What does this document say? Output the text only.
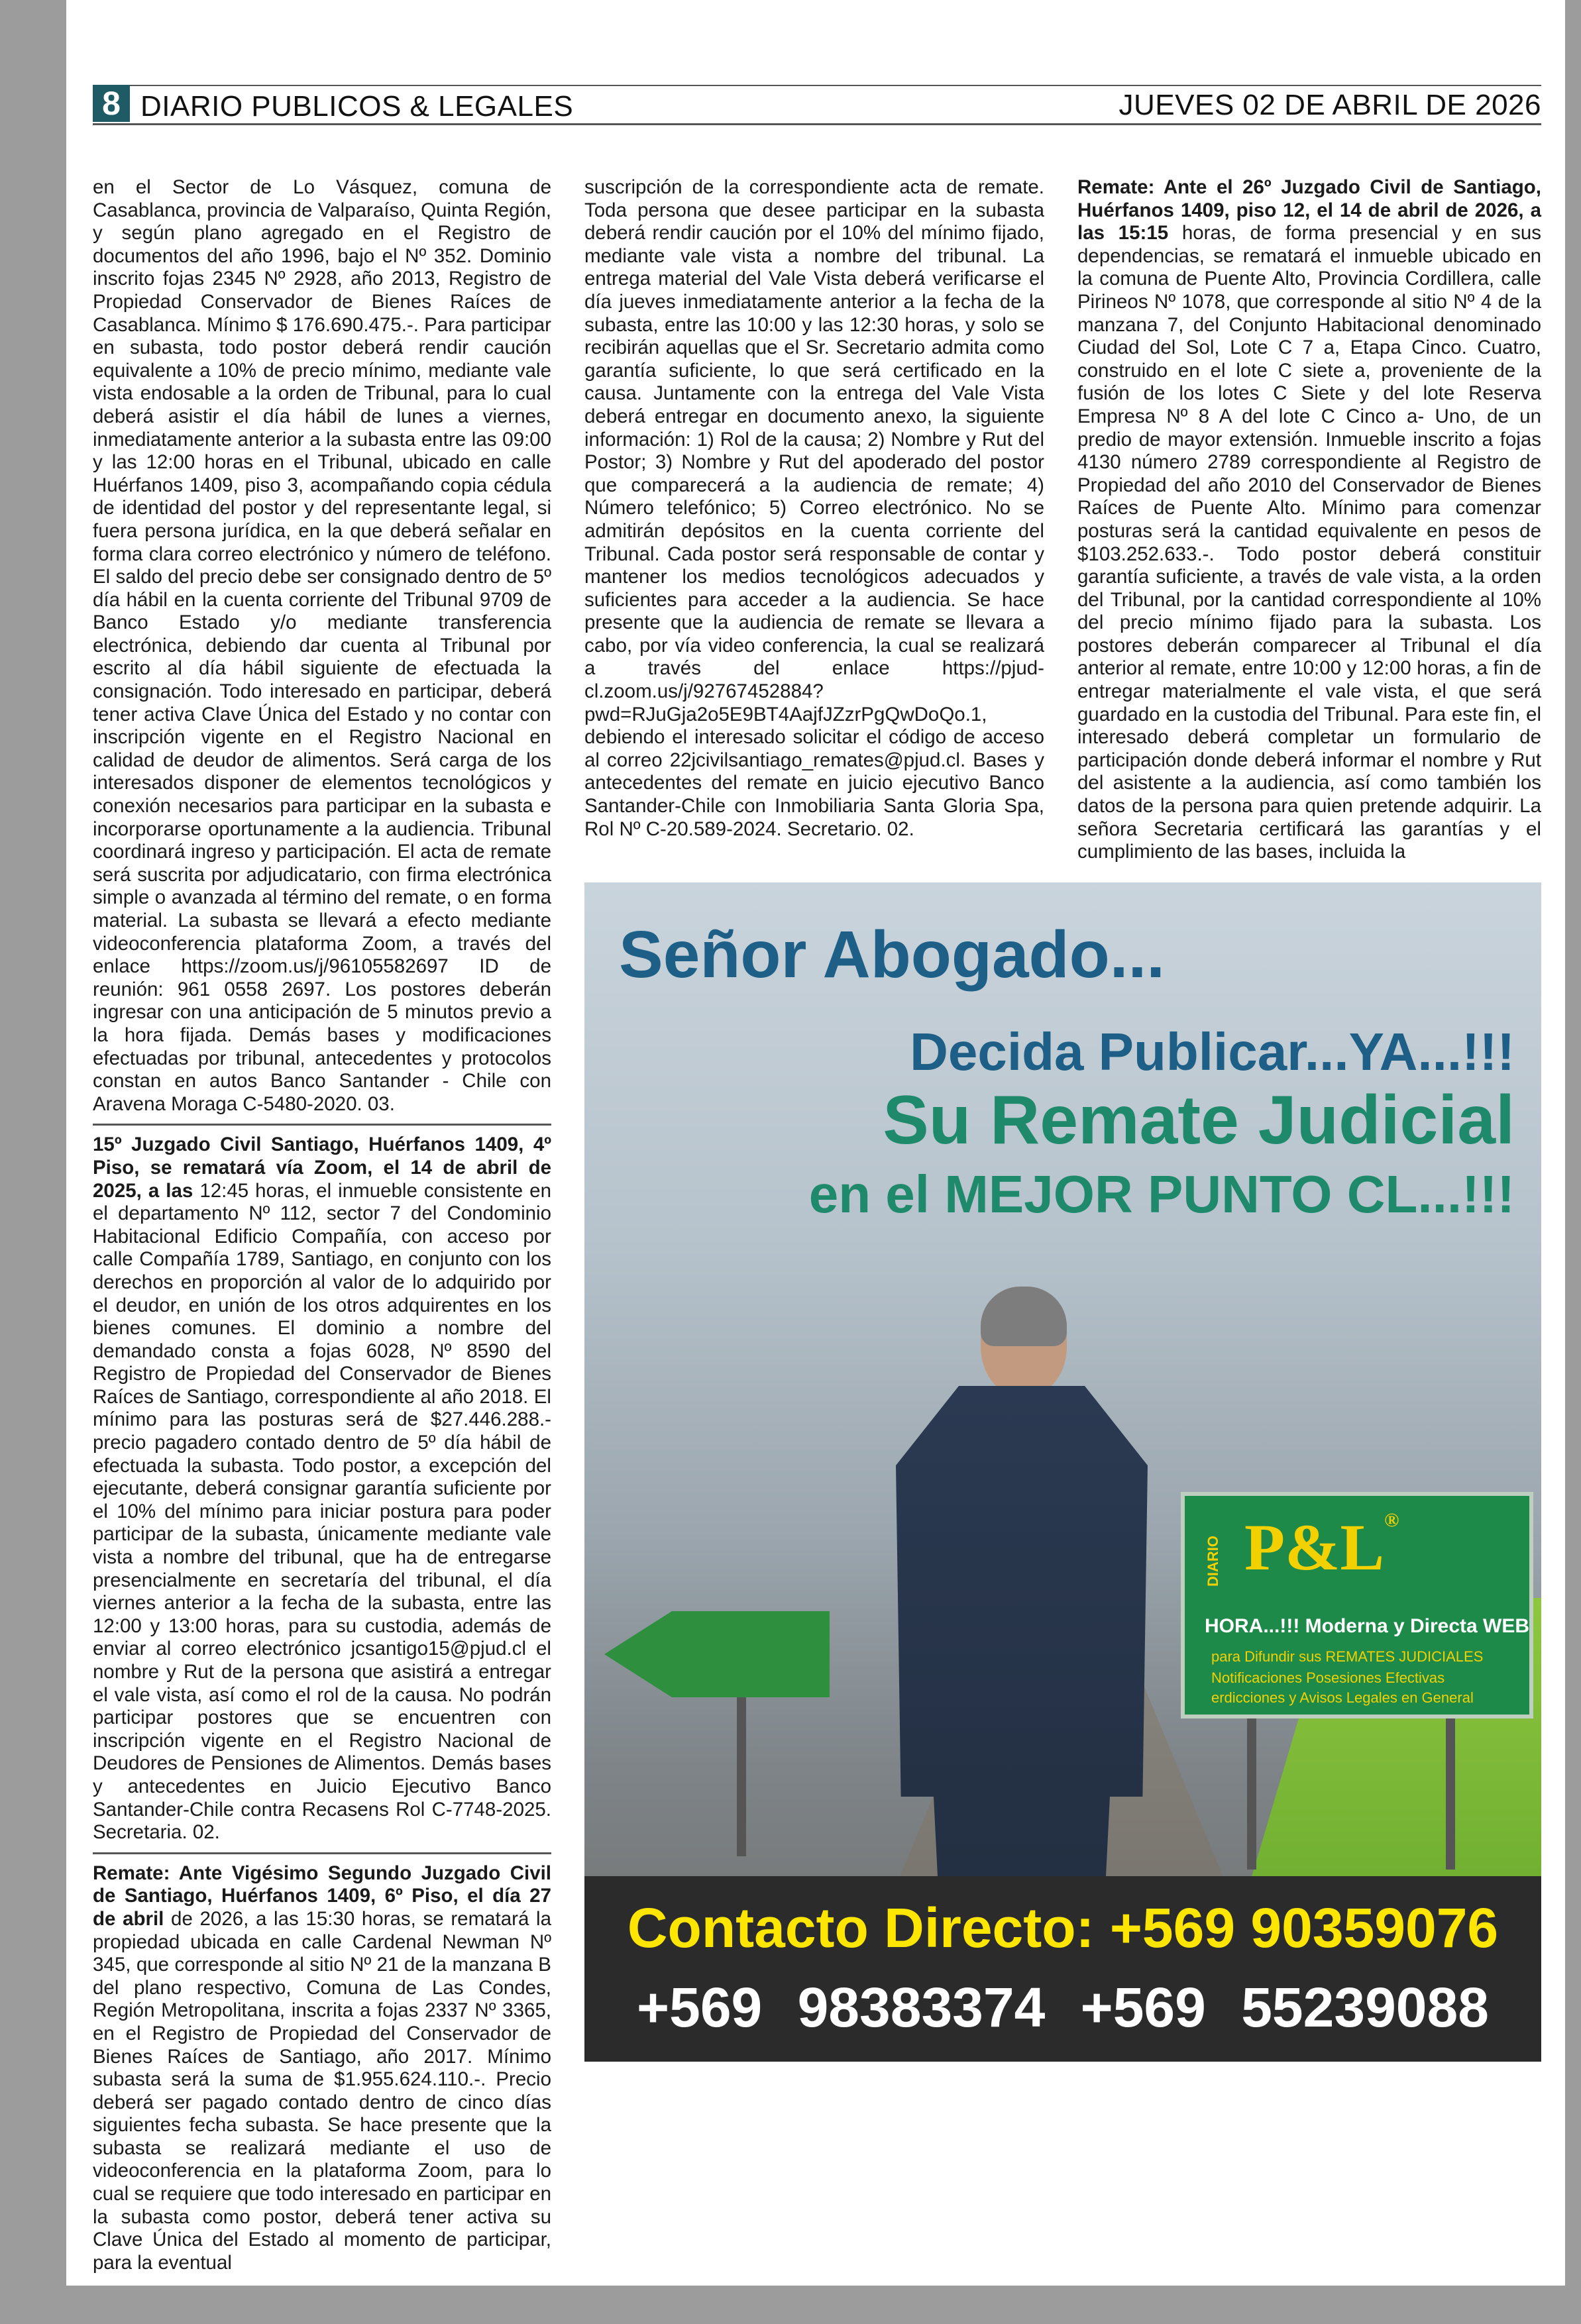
8 DIARIO PUBLICOS & LEGALES	JUEVES 02 DE ABRIL DE 2026

en el Sector de Lo Vásquez, comuna de Casablanca, provincia de Valparaíso, Quinta Región, y según plano agregado en el Registro de documentos del año 1996, bajo el Nº 352. Dominio inscrito fojas 2345 Nº 2928, año 2013, Registro de Propiedad Conservador de Bienes Raíces de Casablanca. Mínimo $ 176.690.475.-. Para participar en subasta, todo postor deberá rendir caución equivalente a 10% de precio mínimo, mediante vale vista endosable a la orden de Tribunal, para lo cual deberá asistir el día hábil de lunes a viernes, inmediatamente anterior a la subasta entre las 09:00 y las 12:00 horas en el Tribunal, ubicado en calle Huérfanos 1409, piso 3, acompañando copia cédula de identidad del postor y del representante legal, si fuera persona jurídica, en la que deberá señalar en forma clara correo electrónico y número de teléfono. El saldo del precio debe ser consignado dentro de 5º día hábil en la cuenta corriente del Tribunal 9709 de Banco Estado y/o mediante transferencia electrónica, debiendo dar cuenta al Tribunal por escrito al día hábil siguiente de efectuada la consignación. Todo interesado en participar, deberá tener activa Clave Única del Estado y no contar con inscripción vigente en el Registro Nacional en calidad de deudor de alimentos. Será carga de los interesados disponer de elementos tecnológicos y conexión necesarios para participar en la subasta e incorporarse oportunamente a la audiencia. Tribunal coordinará ingreso y participación. El acta de remate será suscrita por adjudicatario, con firma electrónica simple o avanzada al término del remate, o en forma material. La subasta se llevará a efecto mediante videoconferencia plataforma Zoom, a través del enlace https://zoom.us/j/96105582697 ID de reunión: 961 0558 2697. Los postores deberán ingresar con una anticipación de 5 minutos previo a la hora fijada. Demás bases y modificaciones efectuadas por tribunal, antecedentes y protocolos constan en autos Banco Santander - Chile con Aravena Moraga C-5480-2020. 03.

15º Juzgado Civil Santiago, Huérfanos 1409, 4º Piso, se rematará vía Zoom, el 14 de abril de 2025, a las 12:45 horas, el inmueble consistente en el departamento Nº 112, sector 7 del Condominio Habitacional Edificio Compañía, con acceso por calle Compañía 1789, Santiago, en conjunto con los derechos en proporción al valor de lo adquirido por el deudor, en unión de los otros adquirentes en los bienes comunes. El dominio a nombre del demandado consta a fojas 6028, Nº 8590 del Registro de Propiedad del Conservador de Bienes Raíces de Santiago, correspondiente al año 2018. El mínimo para las posturas será de $27.446.288.- precio pagadero contado dentro de 5º día hábil de efectuada la subasta. Todo postor, a excepción del ejecutante, deberá consignar garantía suficiente por el 10% del mínimo para iniciar postura para poder participar de la subasta, únicamente mediante vale vista a nombre del tribunal, que ha de entregarse presencialmente en secretaría del tribunal, el día viernes anterior a la fecha de la subasta, entre las 12:00 y 13:00 horas, para su custodia, además de enviar al correo electrónico jcsantigo15@pjud.cl el nombre y Rut de la persona que asistirá a entregar el vale vista, así como el rol de la causa. No podrán participar postores que se encuentren con inscripción vigente en el Registro Nacional de Deudores de Pensiones de Alimentos. Demás bases y antecedentes en Juicio Ejecutivo Banco Santander-Chile contra Recasens Rol C-7748-2025. Secretaria. 02.

Remate: Ante Vigésimo Segundo Juzgado Civil de Santiago, Huérfanos 1409, 6º Piso, el día 27 de abril de 2026, a las 15:30 horas, se rematará la propiedad ubicada en calle Cardenal Newman Nº 345, que corresponde al sitio Nº 21 de la manzana B del plano respectivo, Comuna de Las Condes, Región Metropolitana, inscrita a fojas 2337 Nº 3365, en el Registro de Propiedad del Conservador de Bienes Raíces de Santiago, año 2017. Mínimo subasta será la suma de $1.955.624.110.-. Precio deberá ser pagado contado dentro de cinco días siguientes fecha subasta. Se hace presente que la subasta se realizará mediante el uso de videoconferencia en la plataforma Zoom, para lo cual se requiere que todo interesado en participar en la subasta como postor, deberá tener activa su Clave Única del Estado al momento de participar, para la eventual

suscripción de la correspondiente acta de remate. Toda persona que desee participar en la subasta deberá rendir caución por el 10% del mínimo fijado, mediante vale vista a nombre del tribunal. La entrega material del Vale Vista deberá verificarse el día jueves inmediatamente anterior a la fecha de la subasta, entre las 10:00 y las 12:30 horas, y solo se recibirán aquellas que el Sr. Secretario admita como garantía suficiente, lo que será certificado en la causa. Juntamente con la entrega del Vale Vista deberá entregar en documento anexo, la siguiente información: 1) Rol de la causa; 2) Nombre y Rut del Postor; 3) Nombre y Rut del apoderado del postor que comparecerá a la audiencia de remate; 4) Número telefónico; 5) Correo electrónico. No se admitirán depósitos en la cuenta corriente del Tribunal. Cada postor será responsable de contar y mantener los medios tecnológicos adecuados y suficientes para acceder a la audiencia. Se hace presente que la audiencia de remate se llevara a cabo, por vía video conferencia, la cual se realizará a través del enlace https://pjud-cl.zoom.us/j/92767452884?pwd=RJuGja2o5E9BT4AajfJZzrPgQwDoQo.1, debiendo el interesado solicitar el código de acceso al correo 22jcivilsantiago_remates@pjud.cl. Bases y antecedentes del remate en juicio ejecutivo Banco Santander-Chile con Inmobiliaria Santa Gloria Spa, Rol Nº C-20.589-2024. Secretario. 02.

Remate: Ante el 26º Juzgado Civil de Santiago, Huérfanos 1409, piso 12, el 14 de abril de 2026, a las 15:15 horas, de forma presencial y en sus dependencias, se rematará el inmueble ubicado en la comuna de Puente Alto, Provincia Cordillera, calle Pirineos Nº 1078, que corresponde al sitio Nº 4 de la manzana 7, del Conjunto Habitacional denominado Ciudad del Sol, Lote C 7 a, Etapa Cinco. Cuatro, construido en el lote C siete a, proveniente de la fusión de los lotes C Siete y del lote Reserva Empresa Nº 8 A del lote C Cinco a- Uno, de un predio de mayor extensión. Inmueble inscrito a fojas 4130 número 2789 correspondiente al Registro de Propiedad del año 2010 del Conservador de Bienes Raíces de Puente Alto. Mínimo para comenzar posturas será la cantidad equivalente en pesos de $103.252.633.-. Todo postor deberá constituir garantía suficiente, a través de vale vista, a la orden del Tribunal, por la cantidad correspondiente al 10% del precio mínimo fijado para la subasta. Los postores deberán comparecer al Tribunal el día anterior al remate, entre 10:00 y 12:00 horas, a fin de entregar materialmente el vale vista, el que será guardado en la custodia del Tribunal. Para este fin, el interesado deberá completar un formulario de participación donde deberá informar el nombre y Rut del asistente a la audiencia, así como también los datos de la persona para quien pretende adquirir. La señora Secretaria certificará las garantías y el cumplimiento de las bases, incluida la

Señor Abogado...
Decida Publicar...YA...!!!
Su Remate Judicial
en el MEJOR PUNTO CL...!!!
DIARIO P&L®
HORA...!!! Moderna y Directa WEB
para Difundir sus REMATES JUDICIALES
Notificaciones Posesiones Efectivas
erdicciones y Avisos Legales en General
Contacto Directo: +569 90359076
+569 98383374 +569 55239088
